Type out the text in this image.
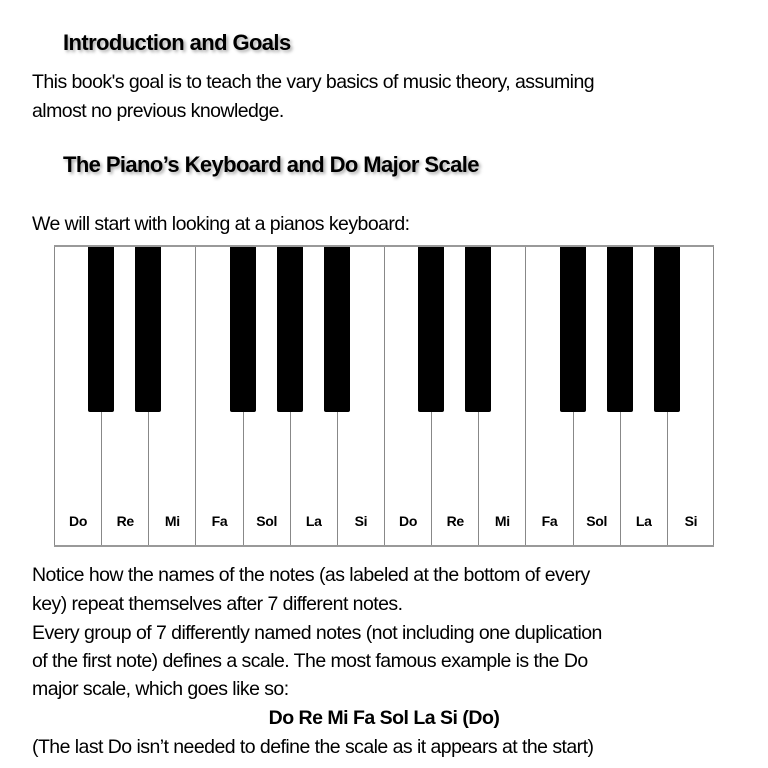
Introduction and Goals
This book's goal is to teach the vary basics of music theory, assuming
almost no previous knowledge.
The Piano’s Keyboard and Do Major Scale
We will start with looking at a pianos keyboard:
Do	Re	Mi	Fa	Sol	La	Si	Do	Re	Mi	Fa	Sol	La	Si
Notice how the names of the notes (as labeled at the bottom of every
key) repeat themselves after 7 different notes.
Every group of 7 differently named notes (not including one duplication
of the first note) defines a scale. The most famous example is the Do
major scale, which goes like so:
Do Re Mi Fa Sol La Si (Do)
(The last Do isn’t needed to define the scale as it appears at the start)
